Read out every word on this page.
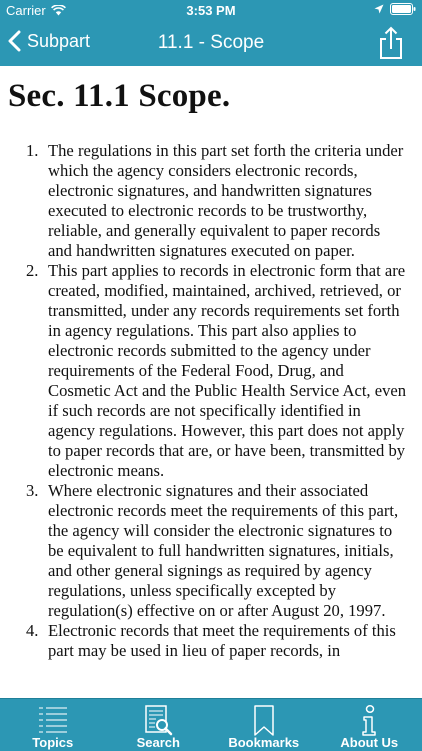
Carrier	3:53 PM
Subpart	11.1 - Scope
Sec. 11.1 Scope.
1. The regulations in this part set forth the criteria under which the agency considers electronic records, electronic signatures, and handwritten signatures executed to electronic records to be trustworthy, reliable, and generally equivalent to paper records and handwritten signatures executed on paper.
2. This part applies to records in electronic form that are created, modified, maintained, archived, retrieved, or transmitted, under any records requirements set forth in agency regulations. This part also applies to electronic records submitted to the agency under requirements of the Federal Food, Drug, and Cosmetic Act and the Public Health Service Act, even if such records are not specifically identified in agency regulations. However, this part does not apply to paper records that are, or have been, transmitted by electronic means.
3. Where electronic signatures and their associated electronic records meet the requirements of this part, the agency will consider the electronic signatures to be equivalent to full handwritten signatures, initials, and other general signings as required by agency regulations, unless specifically excepted by regulation(s) effective on or after August 20, 1997.
4. Electronic records that meet the requirements of this part may be used in lieu of paper records, in
Topics	Search	Bookmarks	About Us
